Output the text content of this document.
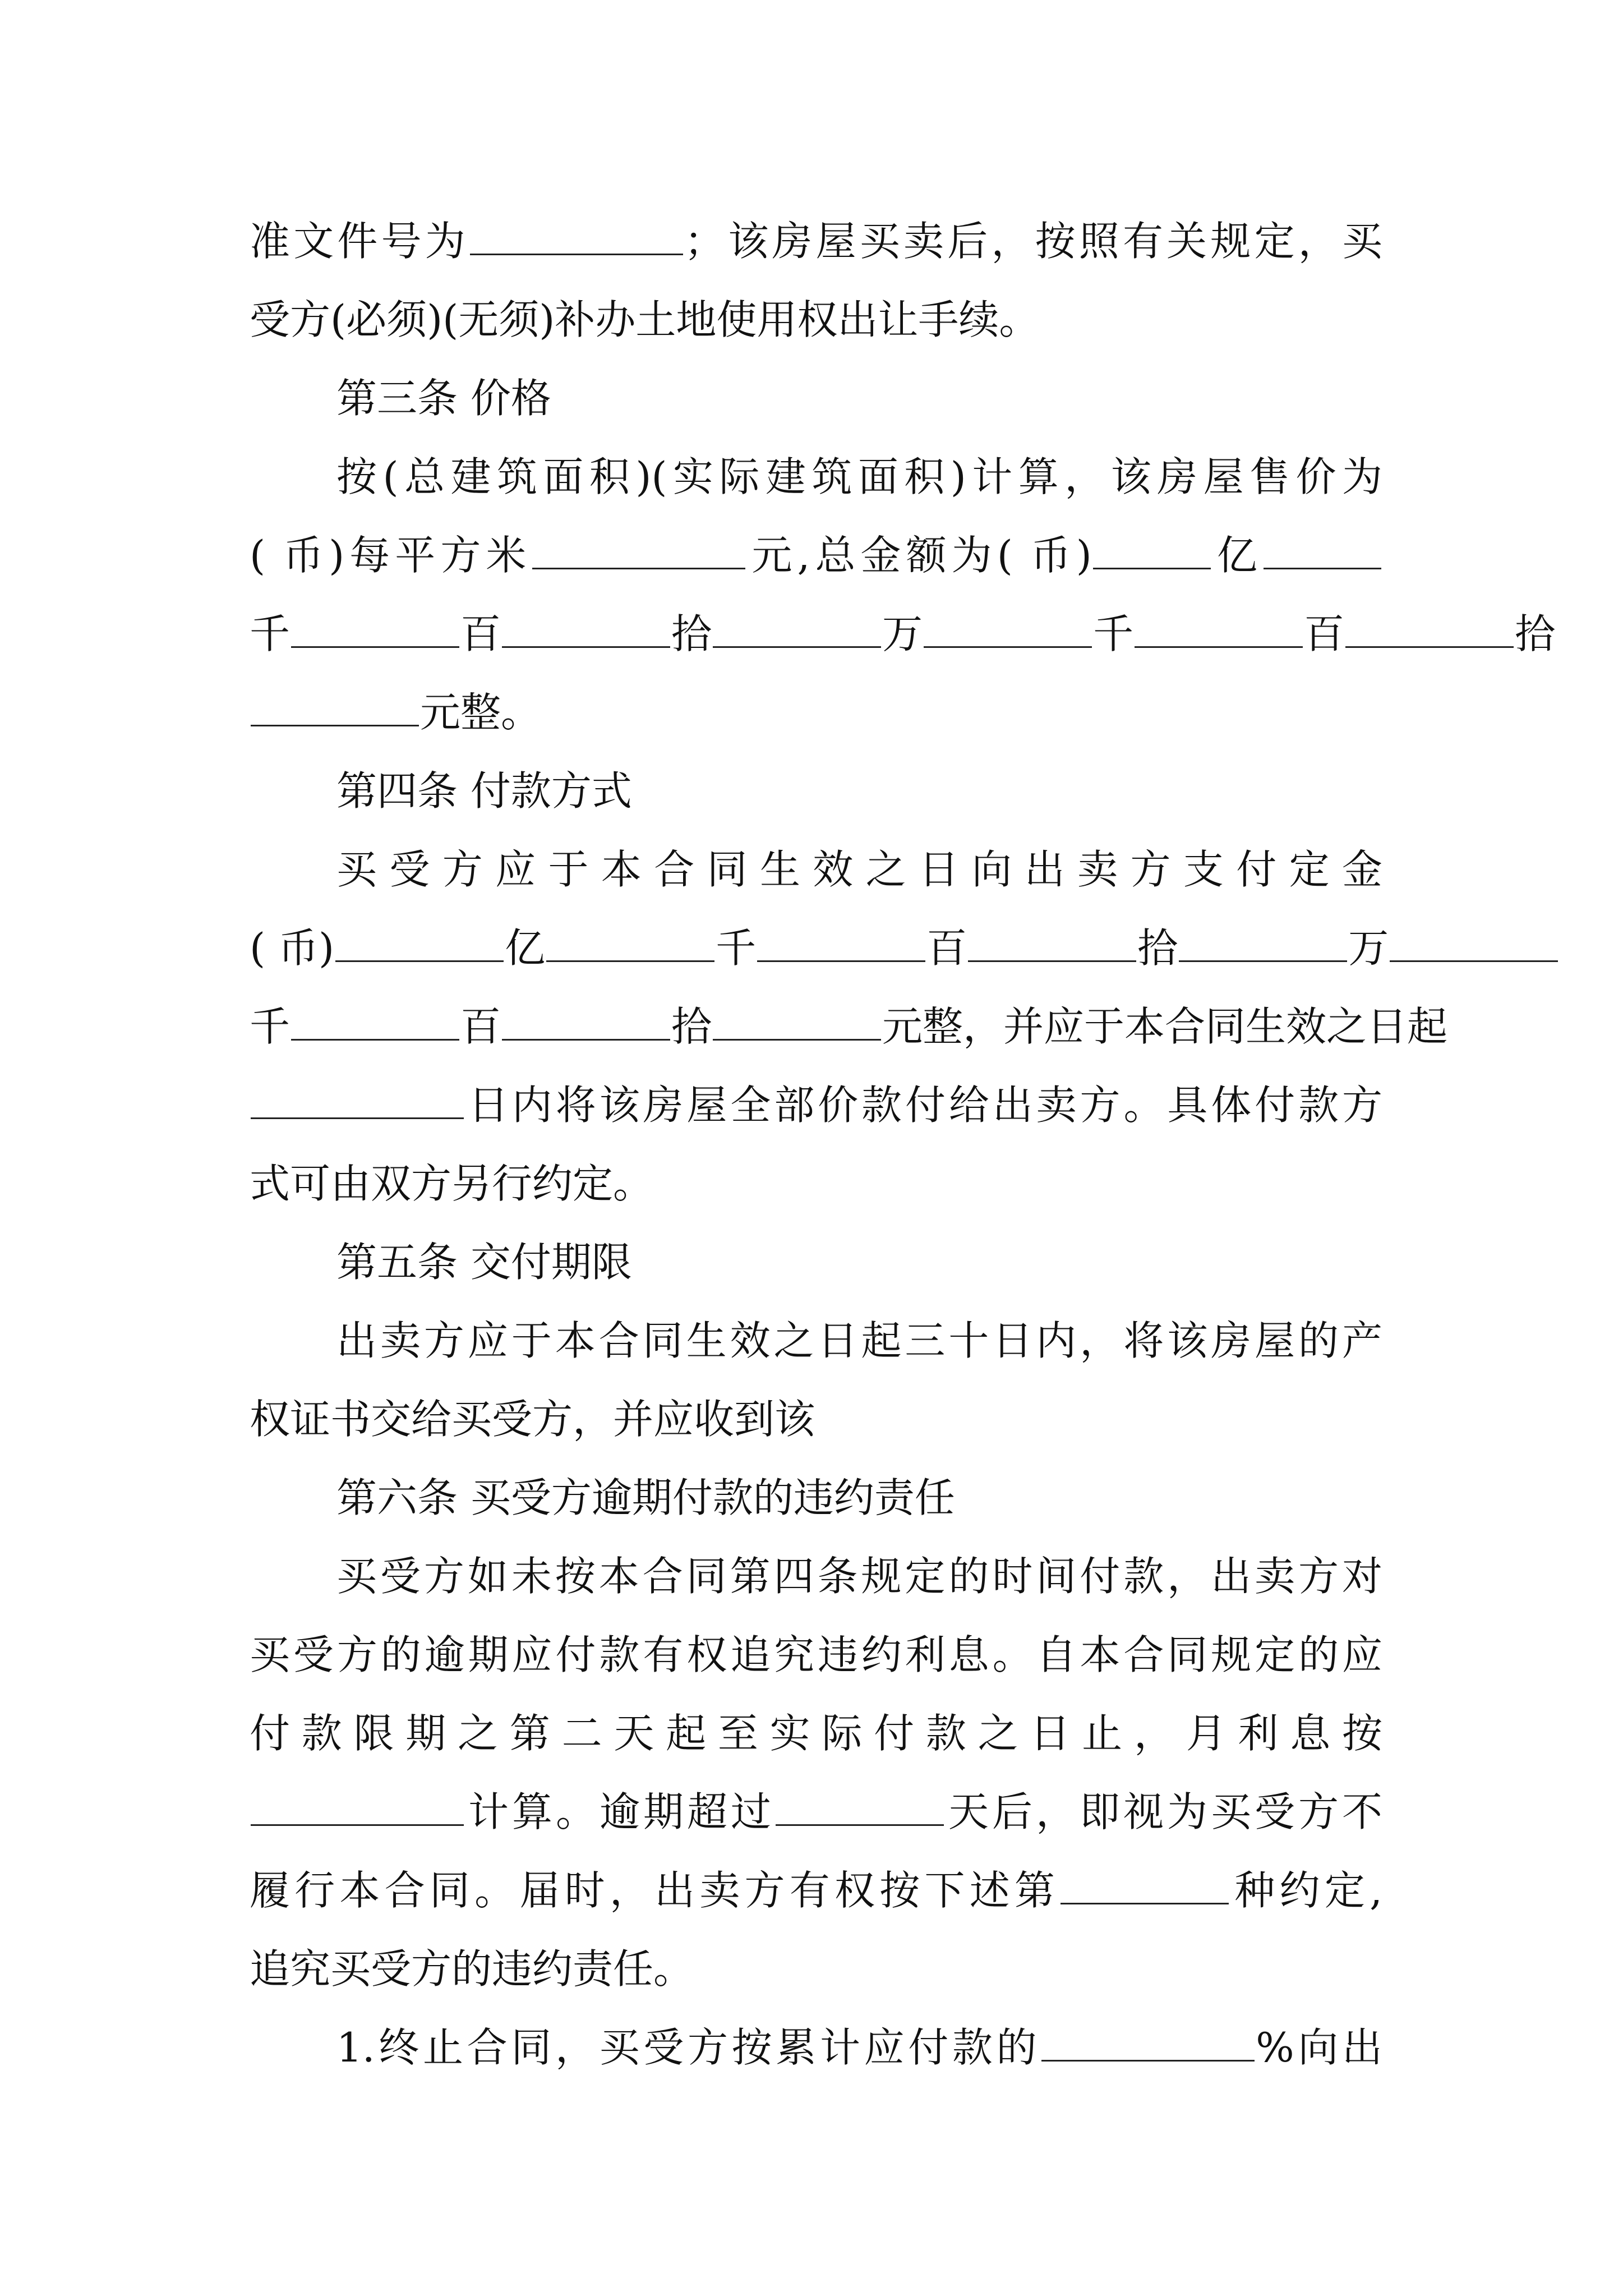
准文件号为	；该房屋买卖后，按照有关规定，买
受方(必须)(无须)补办土地使用权出让手续。
第三条 价格
按(总建筑面积)(实际建筑面积)计算，该房屋售价为
( 币)每平方米	元,总金额为( 币)	亿
千	百	拾	万	千	百	拾
元整。
第四条 付款方式
买受方应于本合同生效之日向出卖方支付定金
( 币)	亿	千	百	拾	万
千	百	拾	元整，并应于本合同生效之日起
日内将该房屋全部价款付给出卖方。具体付款方
式可由双方另行约定。
第五条 交付期限
出卖方应于本合同生效之日起三十日内，将该房屋的产
权证书交给买受方，并应收到该
第六条 买受方逾期付款的违约责任
买受方如未按本合同第四条规定的时间付款，出卖方对
买受方的逾期应付款有权追究违约利息。自本合同规定的应
付款限期之第二天起至实际付款之日止，月利息按
计算。逾期超过	天后，即视为买受方不
履行本合同。届时，出卖方有权按下述第	种约定,
追究买受方的违约责任。
1.终止合同，买受方按累计应付款的	%向出
